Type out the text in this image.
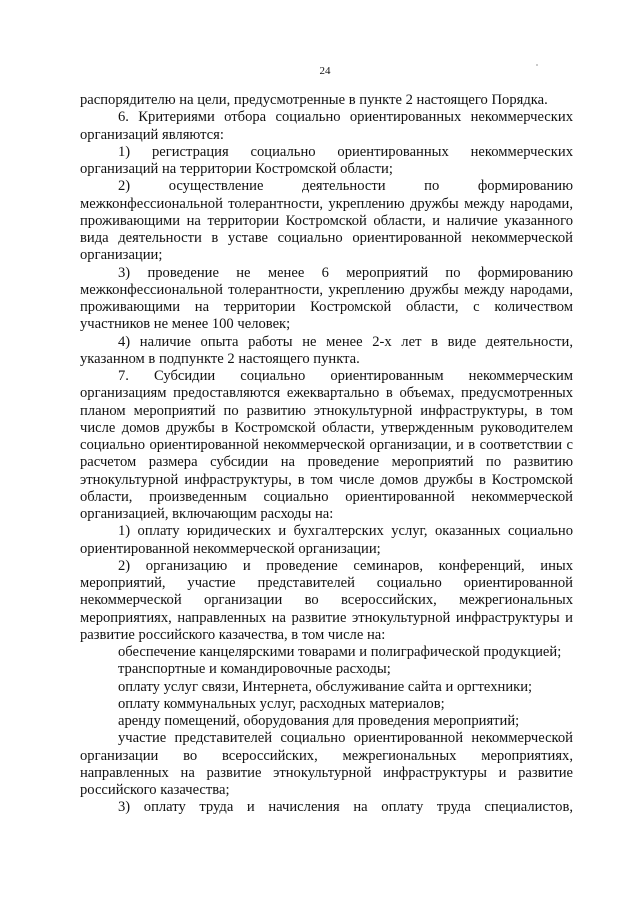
24

распорядителю на цели, предусмотренные в пункте 2 настоящего Порядка.

6. Критериями отбора социально ориентированных некоммерческих организаций являются:

1) регистрация социально ориентированных некоммерческих организаций на территории Костромской области;

2) осуществление деятельности по формированию межконфессиональной толерантности, укреплению дружбы между народами, проживающими на территории Костромской области, и наличие указанного вида деятельности в уставе социально ориентированной некоммерческой организации;

3) проведение не менее 6 мероприятий по формированию межконфессиональной толерантности, укреплению дружбы между народами, проживающими на территории Костромской области, с количеством участников не менее 100 человек;

4) наличие опыта работы не менее 2-х лет в виде деятельности, указанном в подпункте 2 настоящего пункта.

7. Субсидии социально ориентированным некоммерческим организациям предоставляются ежеквартально в объемах, предусмотренных планом мероприятий по развитию этнокультурной инфраструктуры, в том числе домов дружбы в Костромской области, утвержденным руководителем социально ориентированной некоммерческой организации, и в соответствии с расчетом размера субсидии на проведение мероприятий по развитию этнокультурной инфраструктуры, в том числе домов дружбы в Костромской области, произведенным социально ориентированной некоммерческой организацией, включающим расходы на:

1) оплату юридических и бухгалтерских услуг, оказанных социально ориентированной некоммерческой организации;

2) организацию и проведение семинаров, конференций, иных мероприятий, участие представителей социально ориентированной некоммерческой организации во всероссийских, межрегиональных мероприятиях, направленных на развитие этнокультурной инфраструктуры и развитие российского казачества, в том числе на:

обеспечение канцелярскими товарами и полиграфической продукцией;

транспортные и командировочные расходы;

оплату услуг связи, Интернета, обслуживание сайта и оргтехники;

оплату коммунальных услуг, расходных материалов;

аренду помещений, оборудования для проведения мероприятий;

участие представителей социально ориентированной некоммерческой организации во всероссийских, межрегиональных мероприятиях, направленных на развитие этнокультурной инфраструктуры и развитие российского казачества;

3) оплату труда и начисления на оплату труда специалистов,
